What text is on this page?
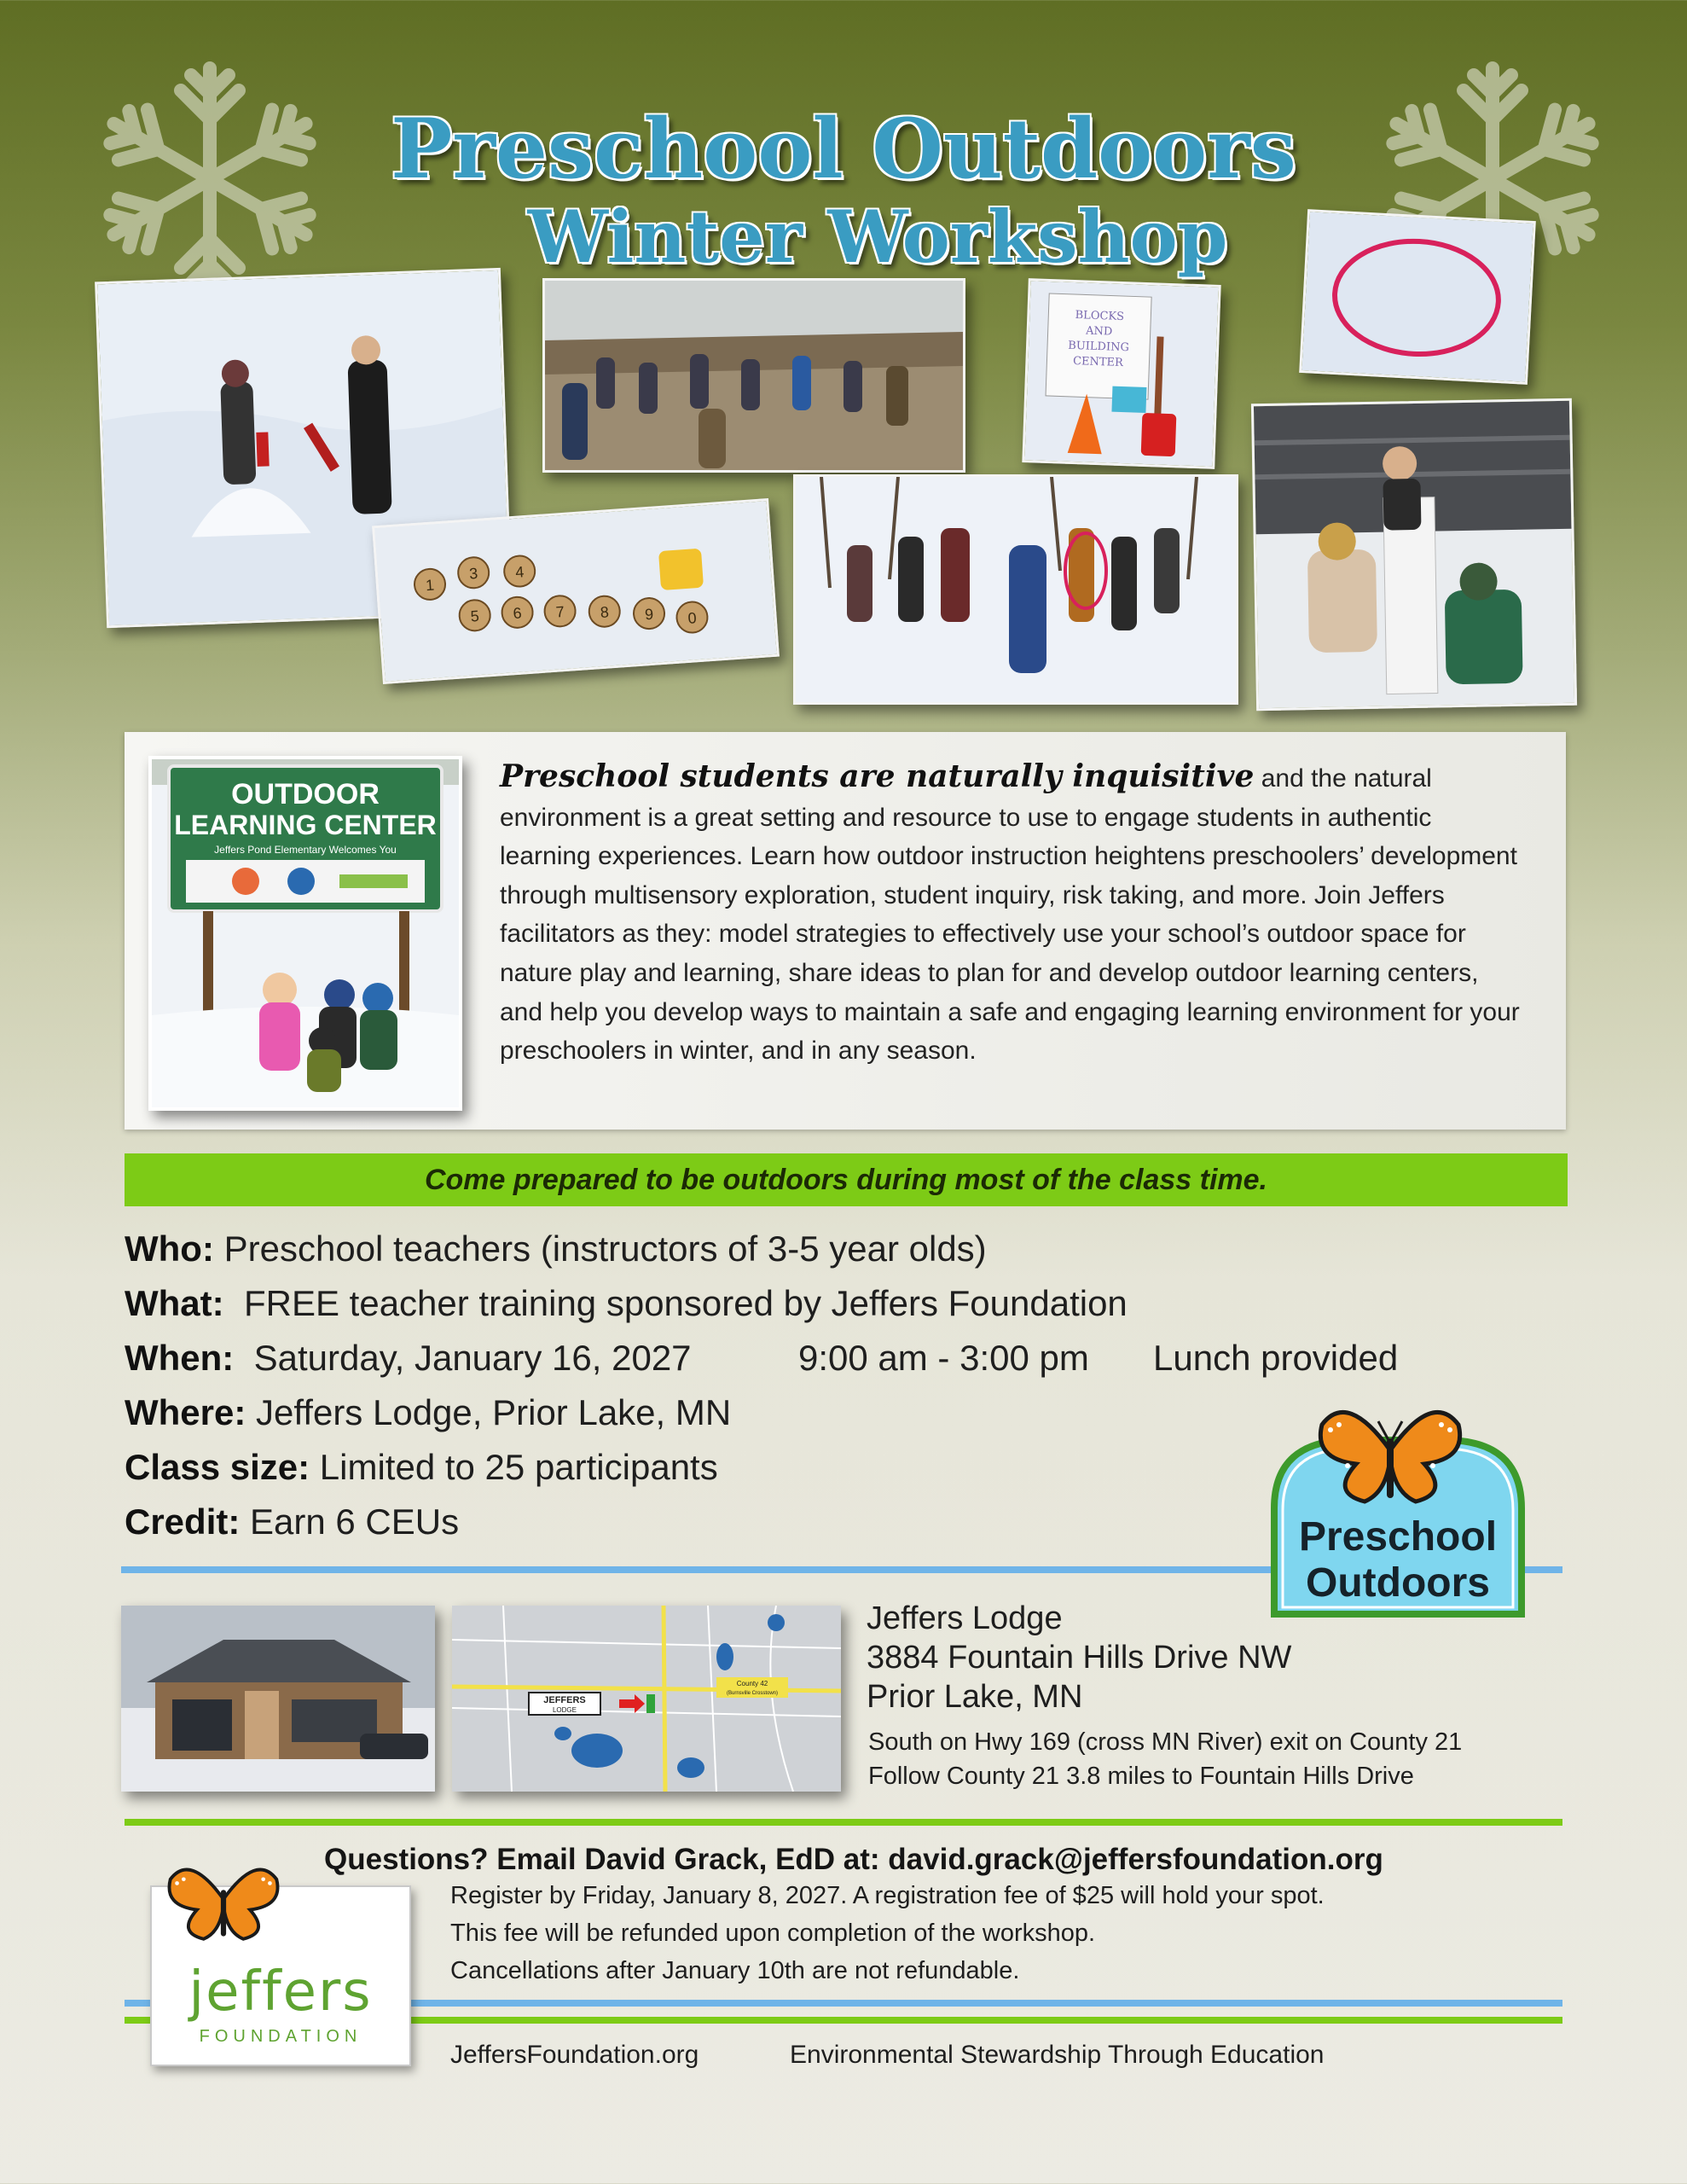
Preschool Outdoors
Winter Workshop
BLOCKS
AND
BUILDING
CENTER
1
3 4
5 6 7 8 9 0
OUTDOOR
LEARNING CENTER
Jeffers Pond Elementary Welcomes You
Preschool students are naturally inquisitive and the natural environment is a great setting and resource to use to engage students in authentic learning experiences. Learn how outdoor instruction heightens preschoolers’ development through multisensory exploration, student inquiry, risk taking, and more. Join Jeffers facilitators as they: model strategies to effectively use your school’s outdoor space for nature play and learning, share ideas to plan for and develop outdoor learning centers, and help you develop ways to maintain a safe and engaging learning environment for your preschoolers in winter, and in any season.
Come prepared to be outdoors during most of the class time.
Who: Preschool teachers (instructors of 3-5 year olds)
What:  FREE teacher training sponsored by Jeffers Foundation
When:  Saturday, January 16, 2027	9:00 am - 3:00 pm Lunch provided
Where: Jeffers Lodge, Prior Lake, MN
Class size: Limited to 25 participants
Credit: Earn 6 CEUs	Preschool
Outdoors
JEFFERS
LODGE
County 42
(Burnsville Crosstown)
Jeffers Lodge
3884 Fountain Hills Drive NW
Prior Lake, MN
South on Hwy 169 (cross MN River) exit on County 21
Follow County 21 3.8 miles to Fountain Hills Drive
Questions? Email David Grack, EdD at: david.grack@jeffersfoundation.org
Register by Friday, January 8, 2027. A registration fee of $25 will hold your spot.
This fee will be refunded upon completion of the workshop.
Cancellations after January 10th are not refundable.
jeffers
FOUNDATION
JeffersFoundation.org	Environmental Stewardship Through Education
